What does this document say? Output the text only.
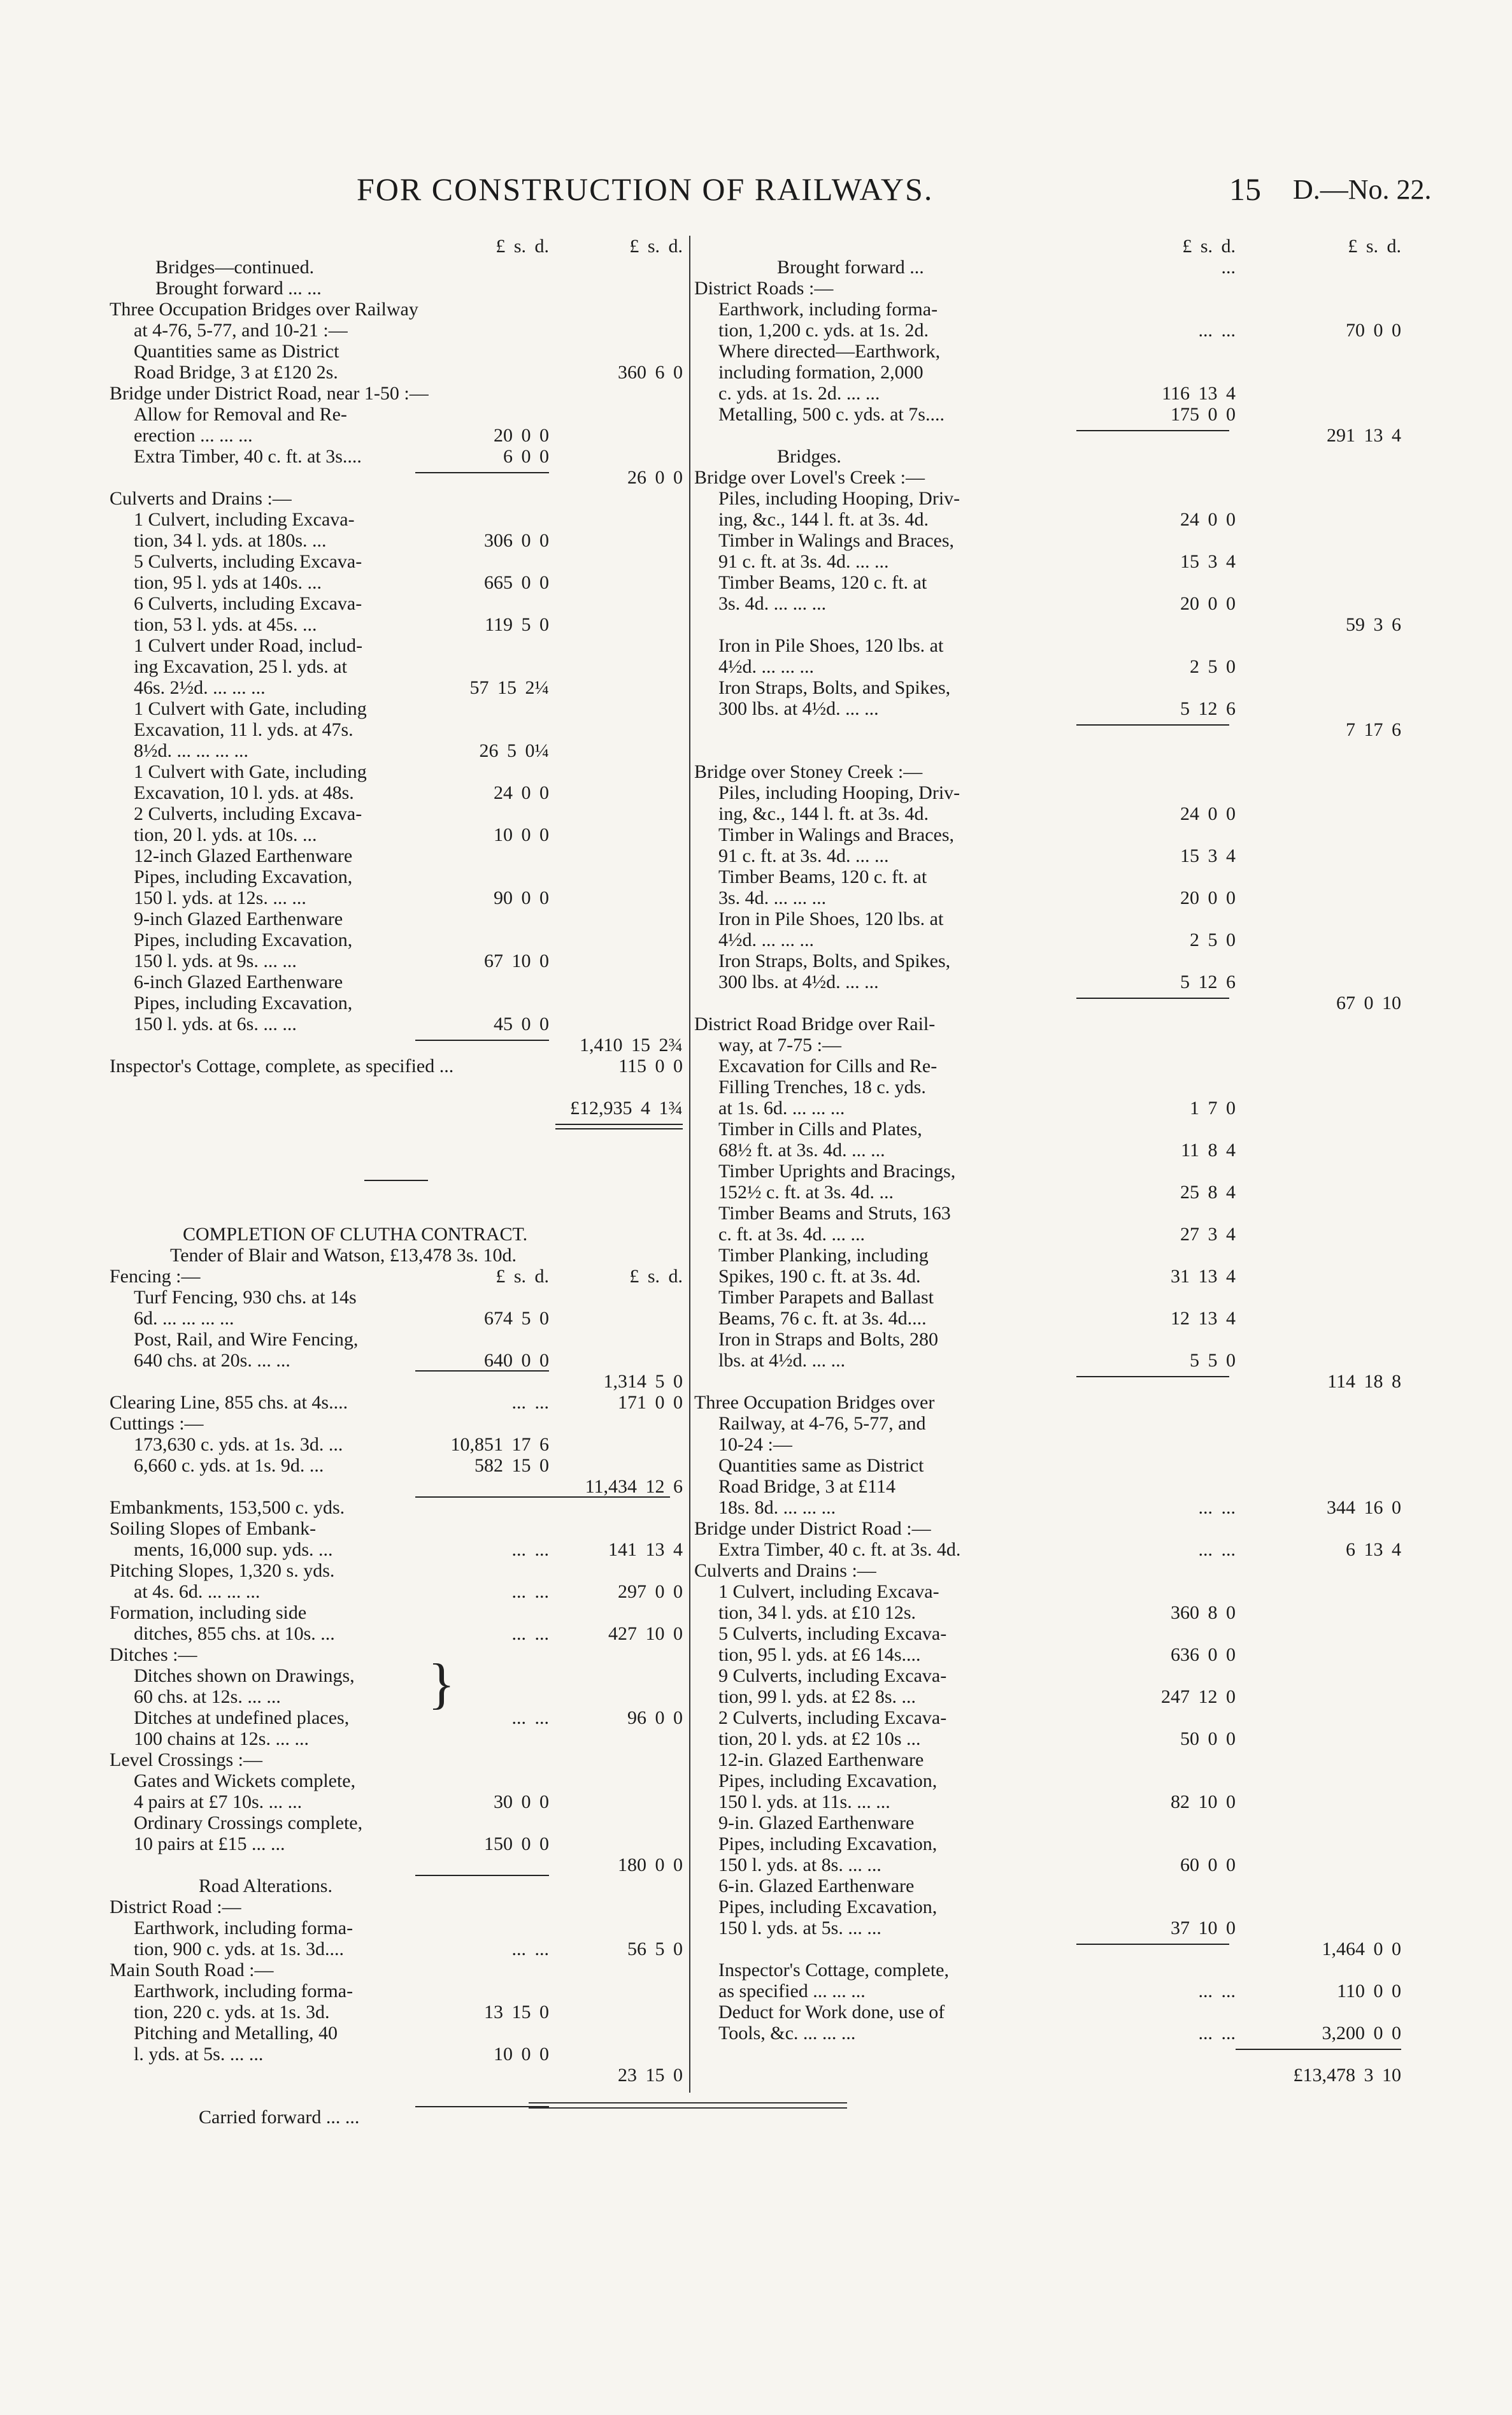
FOR CONSTRUCTION OF RAILWAYS.	15 D.—No. 22.
£ s. d.	£ s. d.
Bridges—continued.
Brought forward ... ...
Three Occupation Bridges over Railway
at 4-76, 5-77, and 10-21 :—
Quantities same as District
Road Bridge, 3 at £120 2s.	360 6 0
Bridge under District Road, near 1-50 :—
Allow for Removal and Re-
erection ... ... ...	20 0 0
Extra Timber, 40 c. ft. at 3s....	6 0 0
26 0 0
Culverts and Drains :—
1 Culvert, including Excava-
tion, 34 l. yds. at 180s. ...	306 0 0
5 Culverts, including Excava-
tion, 95 l. yds at 140s. ...	665 0 0
6 Culverts, including Excava-
tion, 53 l. yds. at 45s. ...	119 5 0
1 Culvert under Road, includ-
ing Excavation, 25 l. yds. at
46s. 2½d. ... ... ...	57 15 2¼
1 Culvert with Gate, including
Excavation, 11 l. yds. at 47s.
8½d. ... ... ... ...	26 5 0¼
1 Culvert with Gate, including
Excavation, 10 l. yds. at 48s.	24 0 0
2 Culverts, including Excava-
tion, 20 l. yds. at 10s. ...	10 0 0
12-inch Glazed Earthenware
Pipes, including Excavation,
150 l. yds. at 12s. ... ...	90 0 0
9-inch Glazed Earthenware
Pipes, including Excavation,
150 l. yds. at 9s. ... ...	67 10 0
6-inch Glazed Earthenware
Pipes, including Excavation,
150 l. yds. at 6s. ... ...	45 0 0
1,410 15 2¾
Inspector's Cottage, complete, as specified ...	115 0 0
£12,935 4 1¾
COMPLETION OF CLUTHA CONTRACT.
Tender of Blair and Watson, £13,478 3s. 10d.
Fencing :—	£ s. d.	£ s. d.
Turf Fencing, 930 chs. at 14s
6d. ... ... ... ...	674 5 0
Post, Rail, and Wire Fencing,
640 chs. at 20s. ... ...	640 0 0
1,314 5 0
Clearing Line, 855 chs. at 4s....	... ...	171 0 0
Cuttings :—
173,630 c. yds. at 1s. 3d. ...	10,851 17 6
6,660 c. yds. at 1s. 9d. ...	582 15 0
11,434 12 6
Embankments, 153,500 c. yds.
Soiling Slopes of Embank-
ments, 16,000 sup. yds. ...	... ...	141 13 4
Pitching Slopes, 1,320 s. yds.
at 4s. 6d. ... ... ...	... ...	297 0 0
Formation, including side
ditches, 855 chs. at 10s. ...	... ...	427 10 0
Ditches :—
Ditches shown on Drawings,
60 chs. at 12s. ... ...
Ditches at undefined places,	... ...	96 0 0
100 chains at 12s. ... ...
Level Crossings :—
Gates and Wickets complete,
4 pairs at £7 10s. ... ...	30 0 0
Ordinary Crossings complete,
10 pairs at £15 ... ...	150 0 0
180 0 0
Road Alterations.
District Road :—
Earthwork, including forma-
tion, 900 c. yds. at 1s. 3d....	... ...	56 5 0
Main South Road :—
Earthwork, including forma-
tion, 220 c. yds. at 1s. 3d.	13 15 0
Pitching and Metalling, 40
l. yds. at 5s. ... ...	10 0 0
23 15 0
Carried forward ... ...
}
£ s. d.	£ s. d.
Brought forward ...	...
District Roads :—
Earthwork, including forma-
tion, 1,200 c. yds. at 1s. 2d.	... ...	70 0 0
Where directed—Earthwork,
including formation, 2,000
c. yds. at 1s. 2d. ... ...	116 13 4
Metalling, 500 c. yds. at 7s....	175 0 0
291 13 4
Bridges.
Bridge over Lovel's Creek :—
Piles, including Hooping, Driv-
ing, &c., 144 l. ft. at 3s. 4d.	24 0 0
Timber in Walings and Braces,
91 c. ft. at 3s. 4d. ... ...	15 3 4
Timber Beams, 120 c. ft. at
3s. 4d. ... ... ...	20 0 0
59 3 6
Iron in Pile Shoes, 120 lbs. at
4½d. ... ... ...	2 5 0
Iron Straps, Bolts, and Spikes,
300 lbs. at 4½d. ... ...	5 12 6
7 17 6
Bridge over Stoney Creek :—
Piles, including Hooping, Driv-
ing, &c., 144 l. ft. at 3s. 4d.	24 0 0
Timber in Walings and Braces,
91 c. ft. at 3s. 4d. ... ...	15 3 4
Timber Beams, 120 c. ft. at
3s. 4d. ... ... ...	20 0 0
Iron in Pile Shoes, 120 lbs. at
4½d. ... ... ...	2 5 0
Iron Straps, Bolts, and Spikes,
300 lbs. at 4½d. ... ...	5 12 6
67 0 10
District Road Bridge over Rail-
way, at 7-75 :—
Excavation for Cills and Re-
Filling Trenches, 18 c. yds.
at 1s. 6d. ... ... ...	1 7 0
Timber in Cills and Plates,
68½ ft. at 3s. 4d. ... ...	11 8 4
Timber Uprights and Bracings,
152½ c. ft. at 3s. 4d. ...	25 8 4
Timber Beams and Struts, 163
c. ft. at 3s. 4d. ... ...	27 3 4
Timber Planking, including
Spikes, 190 c. ft. at 3s. 4d.	31 13 4
Timber Parapets and Ballast
Beams, 76 c. ft. at 3s. 4d....	12 13 4
Iron in Straps and Bolts, 280
lbs. at 4½d. ... ...	5 5 0
114 18 8
Three Occupation Bridges over
Railway, at 4-76, 5-77, and
10-24 :—
Quantities same as District
Road Bridge, 3 at £114
18s. 8d. ... ... ...	... ...	344 16 0
Bridge under District Road :—
Extra Timber, 40 c. ft. at 3s. 4d.	... ...	6 13 4
Culverts and Drains :—
1 Culvert, including Excava-
tion, 34 l. yds. at £10 12s.	360 8 0
5 Culverts, including Excava-
tion, 95 l. yds. at £6 14s....	636 0 0
9 Culverts, including Excava-
tion, 99 l. yds. at £2 8s. ...	247 12 0
2 Culverts, including Excava-
tion, 20 l. yds. at £2 10s ...	50 0 0
12-in. Glazed Earthenware
Pipes, including Excavation,
150 l. yds. at 11s. ... ...	82 10 0
9-in. Glazed Earthenware
Pipes, including Excavation,
150 l. yds. at 8s. ... ...	60 0 0
6-in. Glazed Earthenware
Pipes, including Excavation,
150 l. yds. at 5s. ... ...	37 10 0
1,464 0 0
Inspector's Cottage, complete,
as specified ... ... ...	... ...	110 0 0
Deduct for Work done, use of
Tools, &c. ... ... ...	... ...	3,200 0 0
£13,478 3 10
